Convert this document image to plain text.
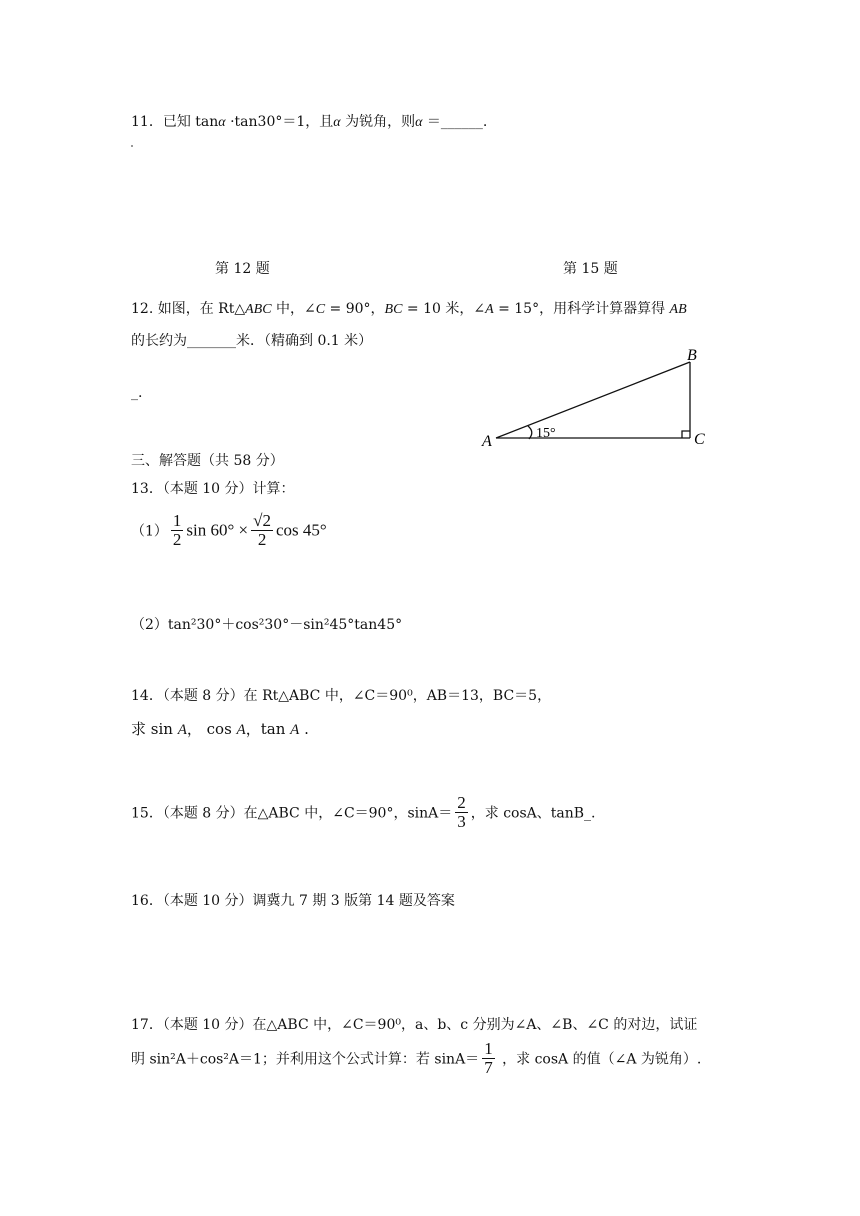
11．已知 tanα ·tan30°＝1，且α 为锐角，则α ＝______.
第 12 题	第 15 题
12. 如图，在 Rt△ABC 中，∠C = 90°，BC = 10 米，∠A = 15°，用科学计算器算得 AB
的长约为_______米．（精确到 0.1 米）
_.
A
B
C
15°
三、解答题（共 58 分）
13．（本题 10 分）计算：
$(1) \frac{1}{2}$ $\sin 60^\circ \times \frac{√2}{2}$ cos 45°
（2）tan²30°＋cos²30°－sin²45°tan45°
14．（本题 8 分）在 Rt△ABC 中，∠C＝90⁰，AB＝13，BC＝5，
求 sin A， cos A，tan A .
15．（本题 8 分）在△ABC 中，∠C＝90°，$\sin A= \frac{2}{3}$ ，求 cosA、tanB_.
16．（本题 10 分）调冀九 7 期 3 版第 14 题及答案
17．（本题 10 分）在△ABC 中，∠C＝90⁰，a、b、c 分别为∠A、∠B、∠C 的对边，试证
明 sin²A＋cos²A＝1；并利用这个公式计算：若 $\sin A= \frac{1}{7}$ ，求 cosA 的值（∠A 为锐角）.
